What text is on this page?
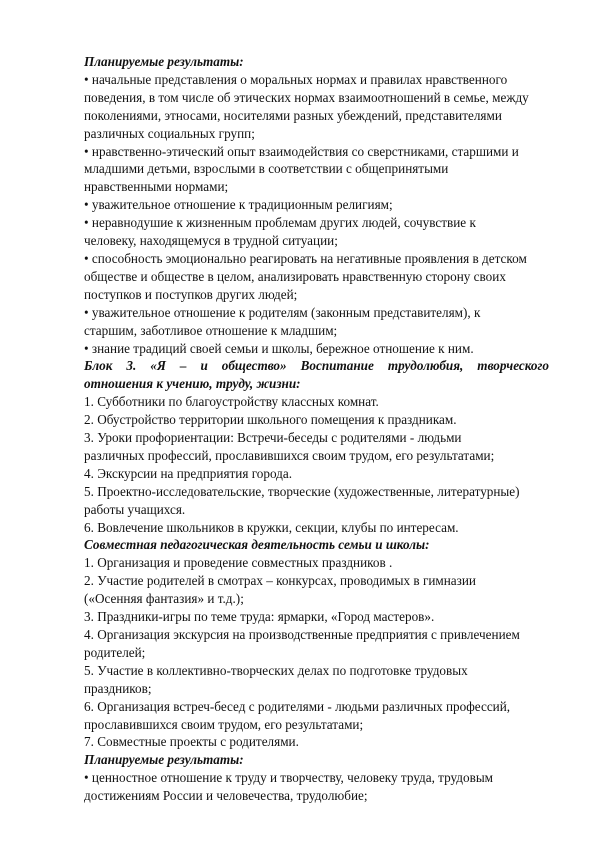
Планируемые результаты:
• начальные представления о моральных нормах и правилах нравственного
поведения, в том числе об этических нормах взаимоотношений в семье, между
поколениями, этносами, носителями разных убеждений, представителями
различных социальных групп;
• нравственно-этический опыт взаимодействия со сверстниками, старшими и
младшими детьми, взрослыми в соответствии с общепринятыми
нравственными нормами;
• уважительное отношение к традиционным религиям;
• неравнодушие к жизненным проблемам других людей, сочувствие к
человеку, находящемуся в трудной ситуации;
• способность эмоционально реагировать на негативные проявления в детском
обществе и обществе в целом, анализировать нравственную сторону своих
поступков и поступков других людей;
• уважительное отношение к родителям (законным представителям), к
старшим, заботливое отношение к младшим;
• знание традиций своей семьи и школы, бережное отношение к ним.
Блок 3. «Я – и общество» Воспитание трудолюбия, творческого
отношения к учению, труду, жизни:
1. Субботники по благоустройству классных комнат.
2. Обустройство территории школьного помещения к праздникам.
3. Уроки профориентации: Встречи-беседы с родителями - людьми
различных профессий, прославившихся своим трудом, его результатами;
4. Экскурсии на предприятия города.
5. Проектно-исследовательские, творческие (художественные, литературные)
работы учащихся.
6. Вовлечение школьников в кружки, секции, клубы по интересам.
Совместная педагогическая деятельность семьи и школы:
1. Организация и проведение совместных праздников .
2. Участие родителей в смотрах – конкурсах, проводимых в гимназии
(«Осенняя фантазия» и т.д.);
3. Праздники-игры по теме труда: ярмарки, «Город мастеров».
4. Организация экскурсия на производственные предприятия с привлечением
родителей;
5. Участие в коллективно-творческих делах по подготовке трудовых
праздников;
6. Организация встреч-бесед с родителями - людьми различных профессий,
прославившихся своим трудом, его результатами;
7. Совместные проекты с родителями.
Планируемые результаты:
• ценностное отношение к труду и творчеству, человеку труда, трудовым
достижениям России и человечества, трудолюбие;
